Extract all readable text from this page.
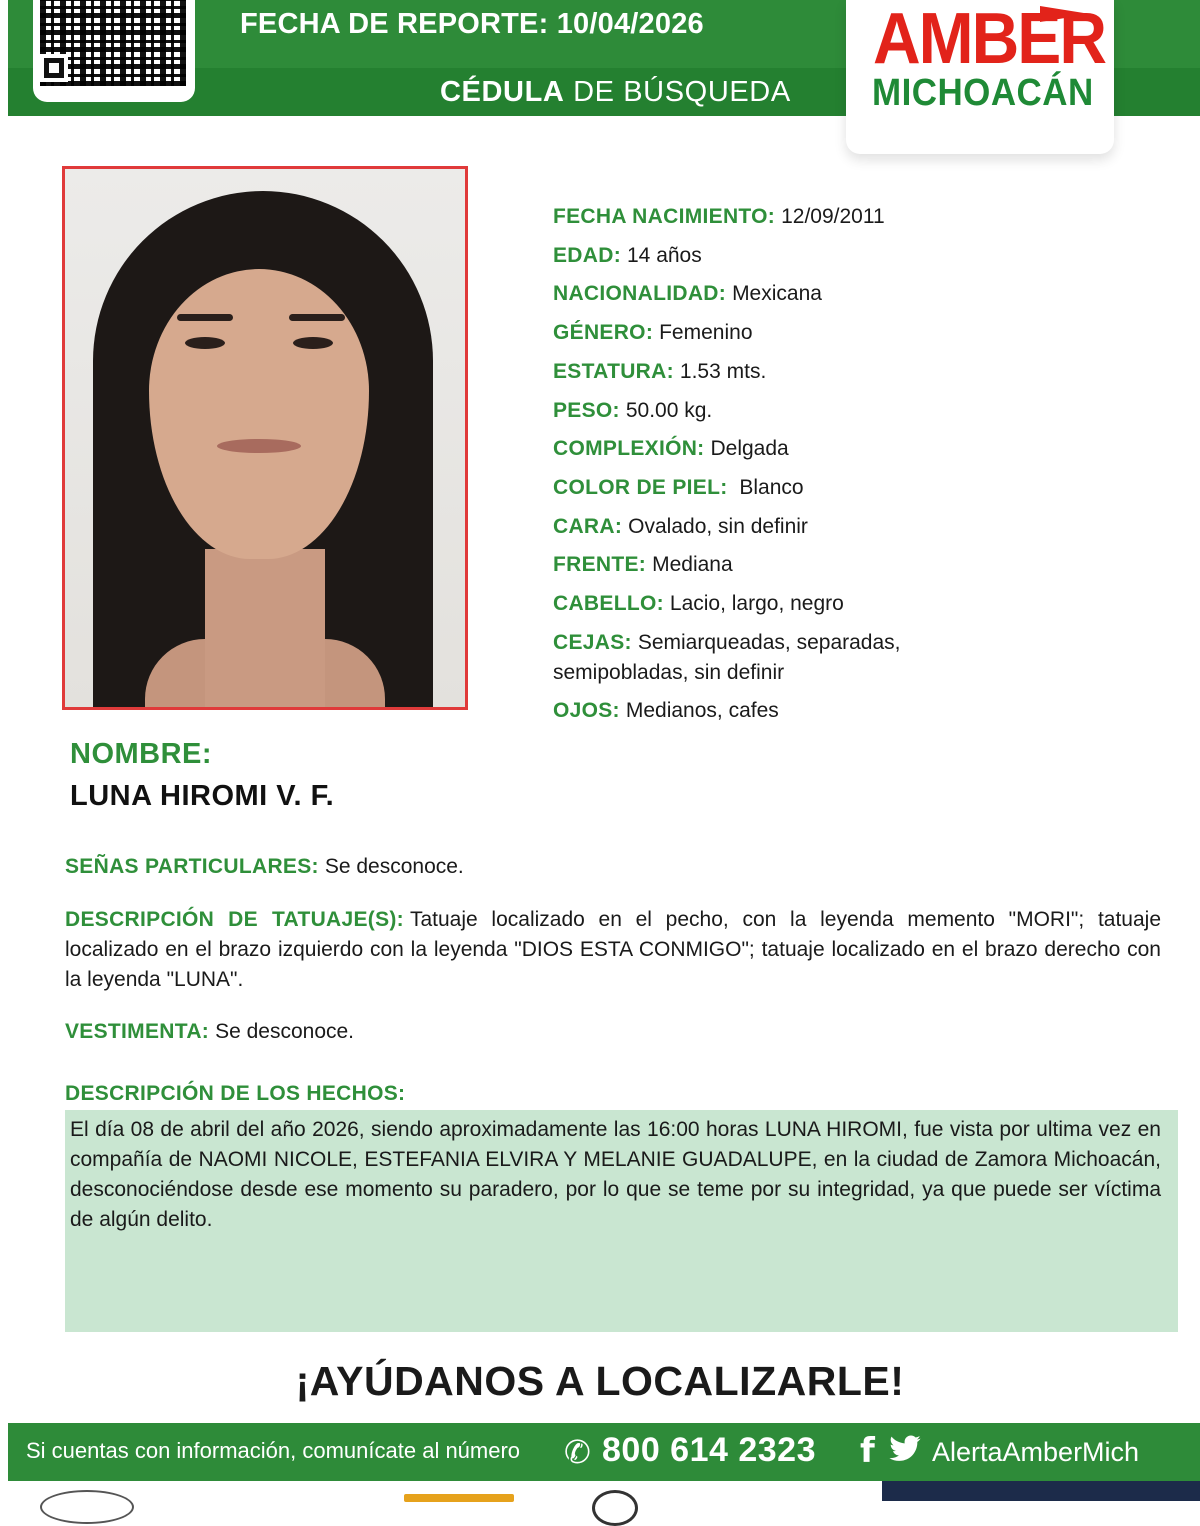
FECHA DE REPORTE: 10/04/2026
CÉDULA DE BÚSQUEDA
AMBER
MICHOACÁN
FECHA NACIMIENTO: 12/09/2011
EDAD: 14 años
NACIONALIDAD: Mexicana
GÉNERO: Femenino
ESTATURA: 1.53 mts.
PESO: 50.00 kg.
COMPLEXIÓN: Delgada
COLOR DE PIEL: Blanco
CARA: Ovalado, sin definir
FRENTE: Mediana
CABELLO: Lacio, largo, negro
CEJAS: Semiarqueadas, separadas, semipobladas, sin definir
OJOS: Medianos, cafes
NOMBRE:
LUNA HIROMI V. F.
SEÑAS PARTICULARES: Se desconoce.
DESCRIPCIÓN DE TATUAJE(S): Tatuaje localizado en el pecho, con la leyenda memento "MORI"; tatuaje localizado en el brazo izquierdo con la leyenda "DIOS ESTA CONMIGO"; tatuaje localizado en el brazo derecho con la leyenda "LUNA".
VESTIMENTA: Se desconoce.
DESCRIPCIÓN DE LOS HECHOS:
El día 08 de abril del año 2026, siendo aproximadamente las 16:00 horas LUNA HIROMI, fue vista por ultima vez en compañía de NAOMI NICOLE, ESTEFANIA ELVIRA Y MELANIE GUADALUPE, en la ciudad de Zamora Michoacán, desconociéndose desde ese momento su paradero, por lo que se teme por su integridad, ya que puede ser víctima de algún delito.
¡AYÚDANOS A LOCALIZARLE!
Si cuentas con información, comunícate al número ✆ 800 614 2323 f AlertaAmberMich
